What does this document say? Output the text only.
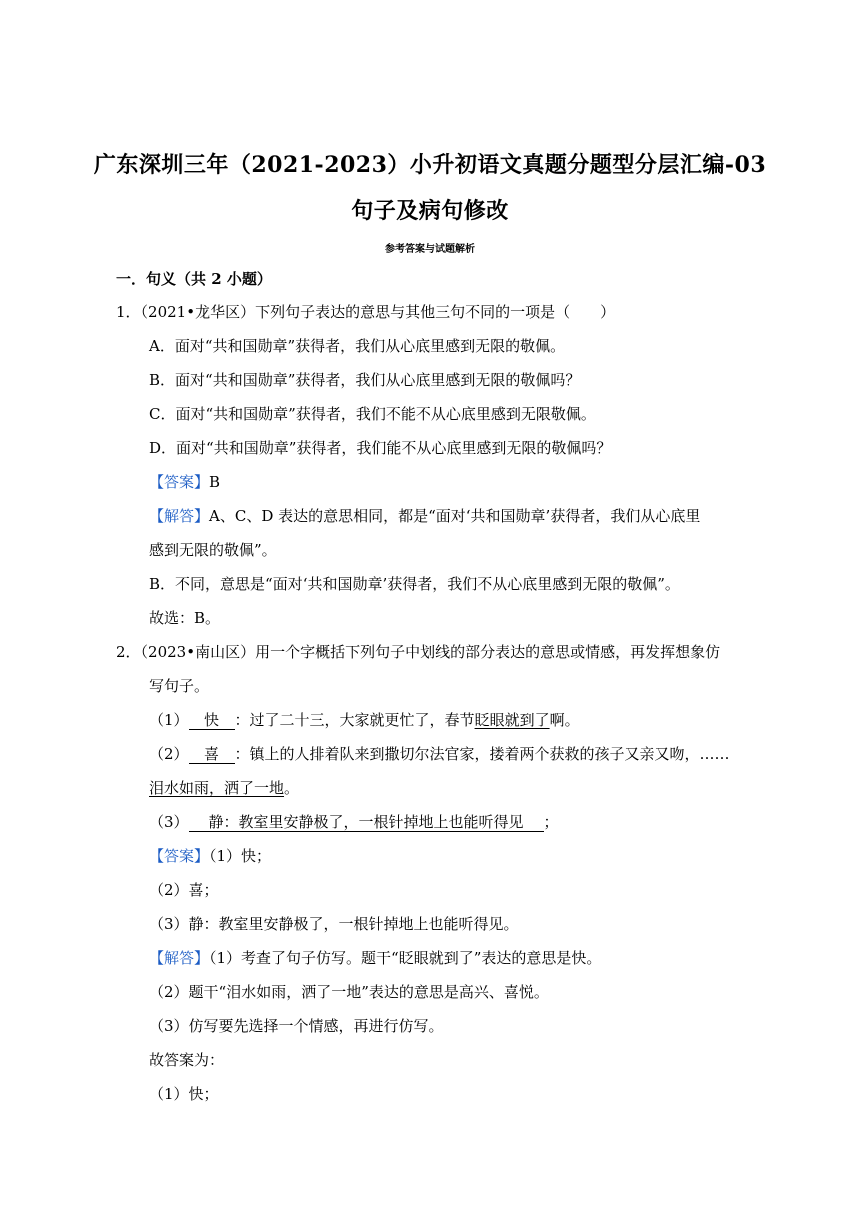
广东深圳三年（2021-2023）小升初语文真题分题型分层汇编-03
句子及病句修改
参考答案与试题解析
一．句义（共 2 小题）
1．（2021•龙华区）下列句子表达的意思与其他三句不同的一项是（　　）
A．面对“共和国勋章”获得者，我们从心底里感到无限的敬佩。
B．面对“共和国勋章”获得者，我们从心底里感到无限的敬佩吗？
C．面对“共和国勋章”获得者，我们不能不从心底里感到无限敬佩。
D．面对“共和国勋章”获得者，我们能不从心底里感到无限的敬佩吗？
【答案】B
【解答】A、C、D 表达的意思相同，都是“面对‘共和国勋章’获得者，我们从心底里
感到无限的敬佩”。
B．不同，意思是“面对‘共和国勋章’获得者，我们不从心底里感到无限的敬佩”。
故选：B。
2．（2023•南山区）用一个字概括下列句子中划线的部分表达的意思或情感，再发挥想象仿
写句子。
（1） 快 ：过了二十三，大家就更忙了，春节眨眼就到了啊。
（2） 喜 ：镇上的人排着队来到撒切尔法官家，搂着两个获救的孩子又亲又吻，……
泪水如雨，洒了一地。
（3） 静：教室里安静极了，一根针掉地上也能听得见 ；
【答案】（1）快；
（2）喜；
（3）静：教室里安静极了，一根针掉地上也能听得见。
【解答】（1）考查了句子仿写。题干“眨眼就到了”表达的意思是快。
（2）题干“泪水如雨，洒了一地”表达的意思是高兴、喜悦。
（3）仿写要先选择一个情感，再进行仿写。
故答案为：
（1）快；
